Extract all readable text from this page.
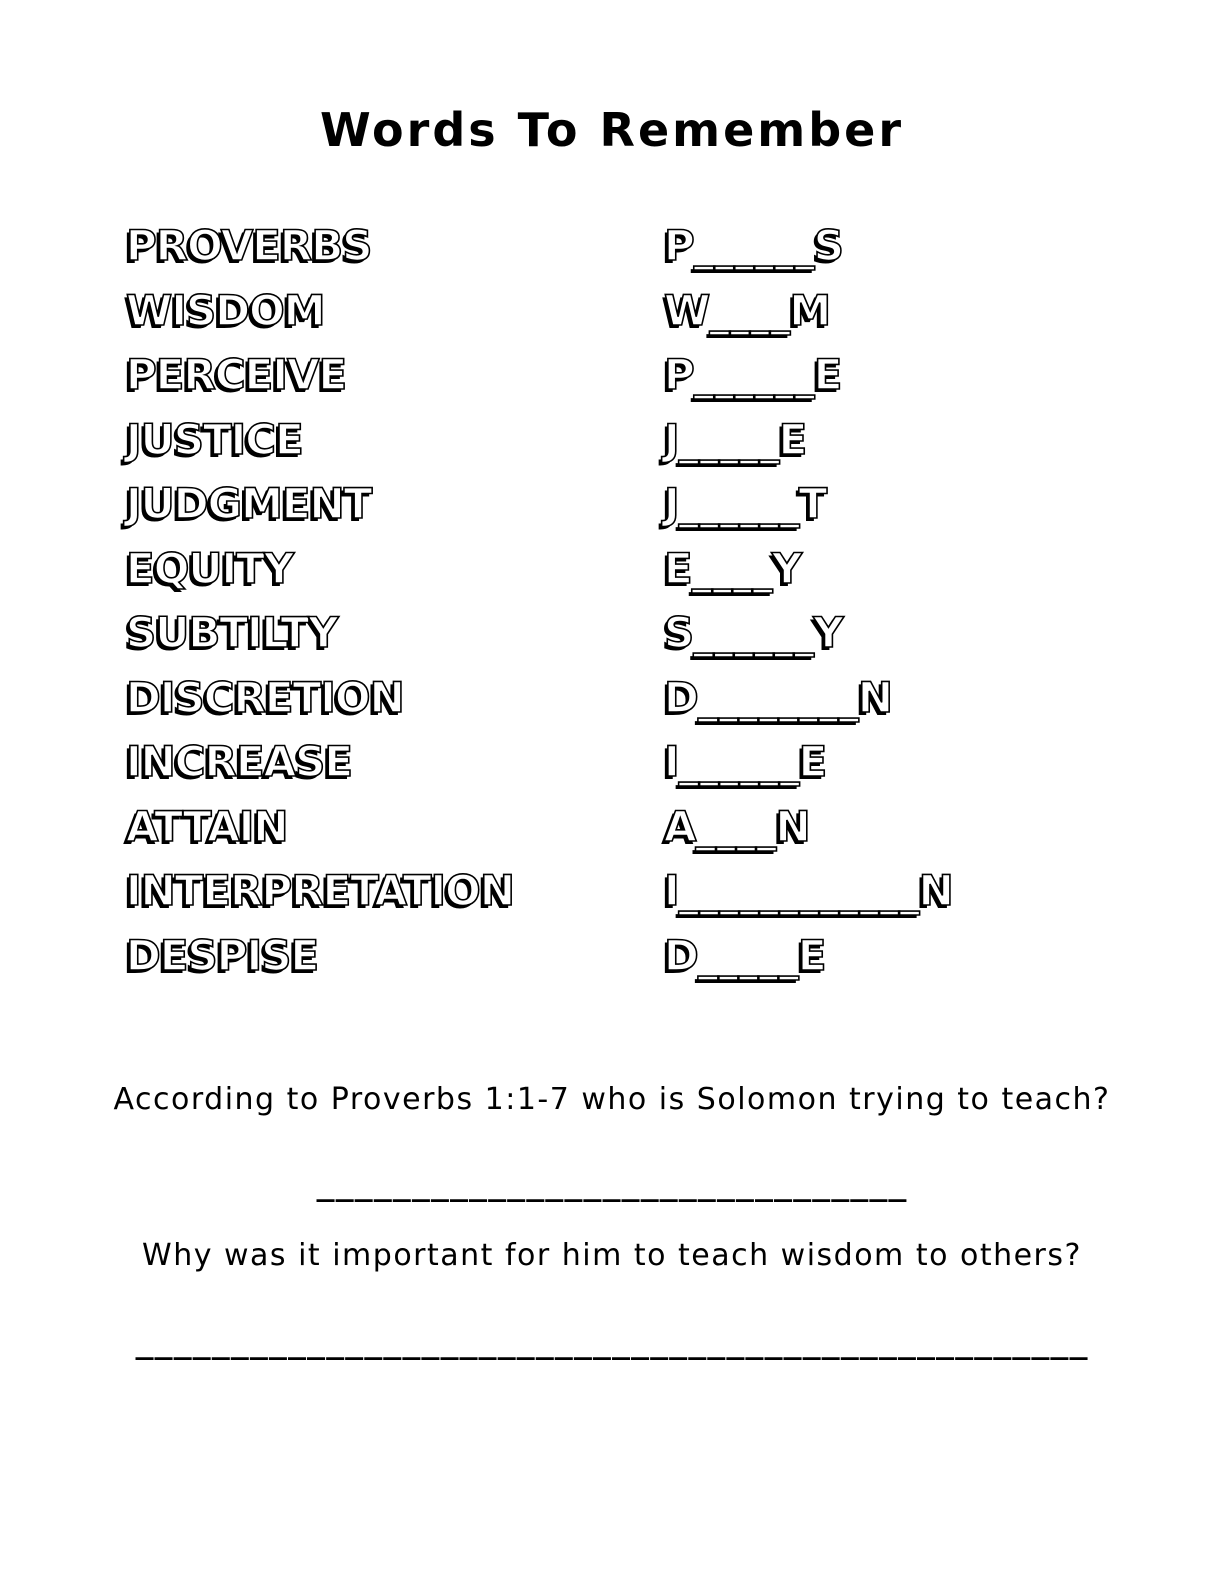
Words To Remember
PROVERBS	P______S
WISDOM	W____M
PERCEIVE	P______E
JUSTICE	J_____E
JUDGMENT	J______T
EQUITY	E____Y
SUBTILTY	S______Y
DISCRETION	D________N
INCREASE	I______E
ATTAIN	A____N
INTERPRETATION	I____________N
DESPISE	D_____E
According to Proverbs 1:1-7 who is Solomon trying to teach?
_______________________________
Why was it important for him to teach wisdom to others?
__________________________________________________
